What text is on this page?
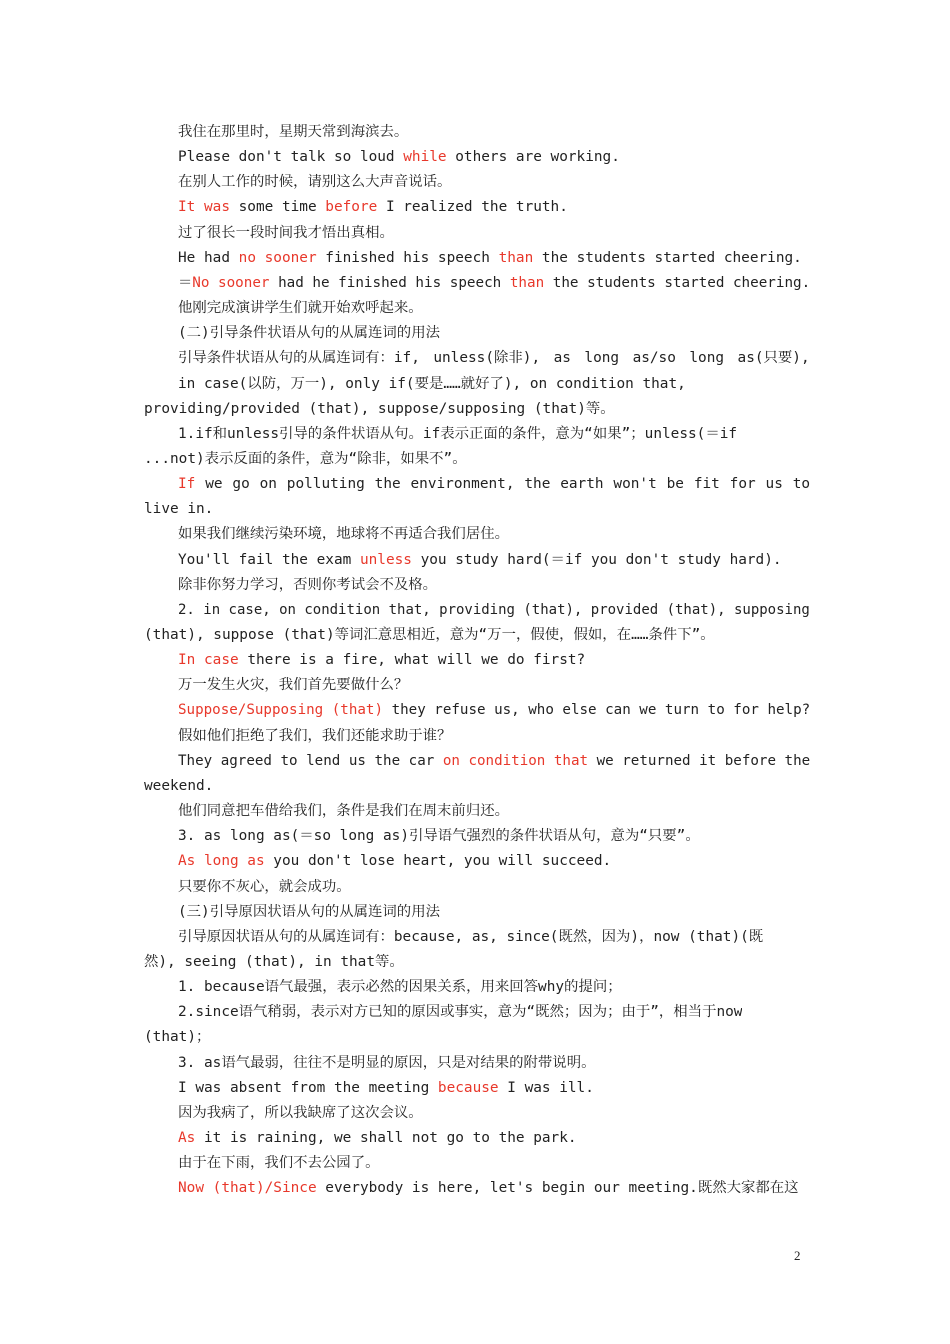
我住在那里时，星期天常到海滨去。
Please don't talk so loud while others are working.
在别人工作的时候，请别这么大声音说话。
It was some time before I realized the truth.
过了很长一段时间我才悟出真相。
He had no sooner finished his speech than the students started cheering.
＝No sooner had he finished his speech than the students started cheering.
他刚完成演讲学生们就开始欢呼起来。
(二)引导条件状语从句的从属连词的用法
引导条件状语从句的从属连词有：if, unless(除非), as long as/so long as(只要),
in case(以防，万一), only if(要是……就好了), on condition that,
providing/provided (that), suppose/supposing (that)等。
1.if和unless引导的条件状语从句。if表示正面的条件，意为“如果”；unless(＝if
...not)表示反面的条件，意为“除非，如果不”。
If we go on polluting the environment, the earth won't be fit for us to
live in.
如果我们继续污染环境，地球将不再适合我们居住。
You'll fail the exam unless you study hard(＝if you don't study hard).
除非你努力学习，否则你考试会不及格。
2. in case, on condition that, providing (that), provided (that), supposing
(that), suppose (that)等词汇意思相近，意为“万一，假使，假如，在……条件下”。
In case there is a fire, what will we do first?
万一发生火灾，我们首先要做什么？
Suppose/Supposing (that) they refuse us, who else can we turn to for help?
假如他们拒绝了我们，我们还能求助于谁？
They agreed to lend us the car on condition that we returned it before the
weekend.
他们同意把车借给我们，条件是我们在周末前归还。
3. as long as(＝so long as)引导语气强烈的条件状语从句，意为“只要”。
As long as you don't lose heart, you will succeed.
只要你不灰心，就会成功。
(三)引导原因状语从句的从属连词的用法
引导原因状语从句的从属连词有：because, as, since(既然，因为)，now (that)(既
然), seeing (that), in that等。
1. because语气最强，表示必然的因果关系，用来回答why的提问；
2.since语气稍弱，表示对方已知的原因或事实，意为“既然；因为；由于”，相当于now
(that)；
3. as语气最弱，往往不是明显的原因，只是对结果的附带说明。
I was absent from the meeting because I was ill.
因为我病了，所以我缺席了这次会议。
As it is raining, we shall not go to the park.
由于在下雨，我们不去公园了。
Now (that)/Since everybody is here, let's begin our meeting.既然大家都在这
2
